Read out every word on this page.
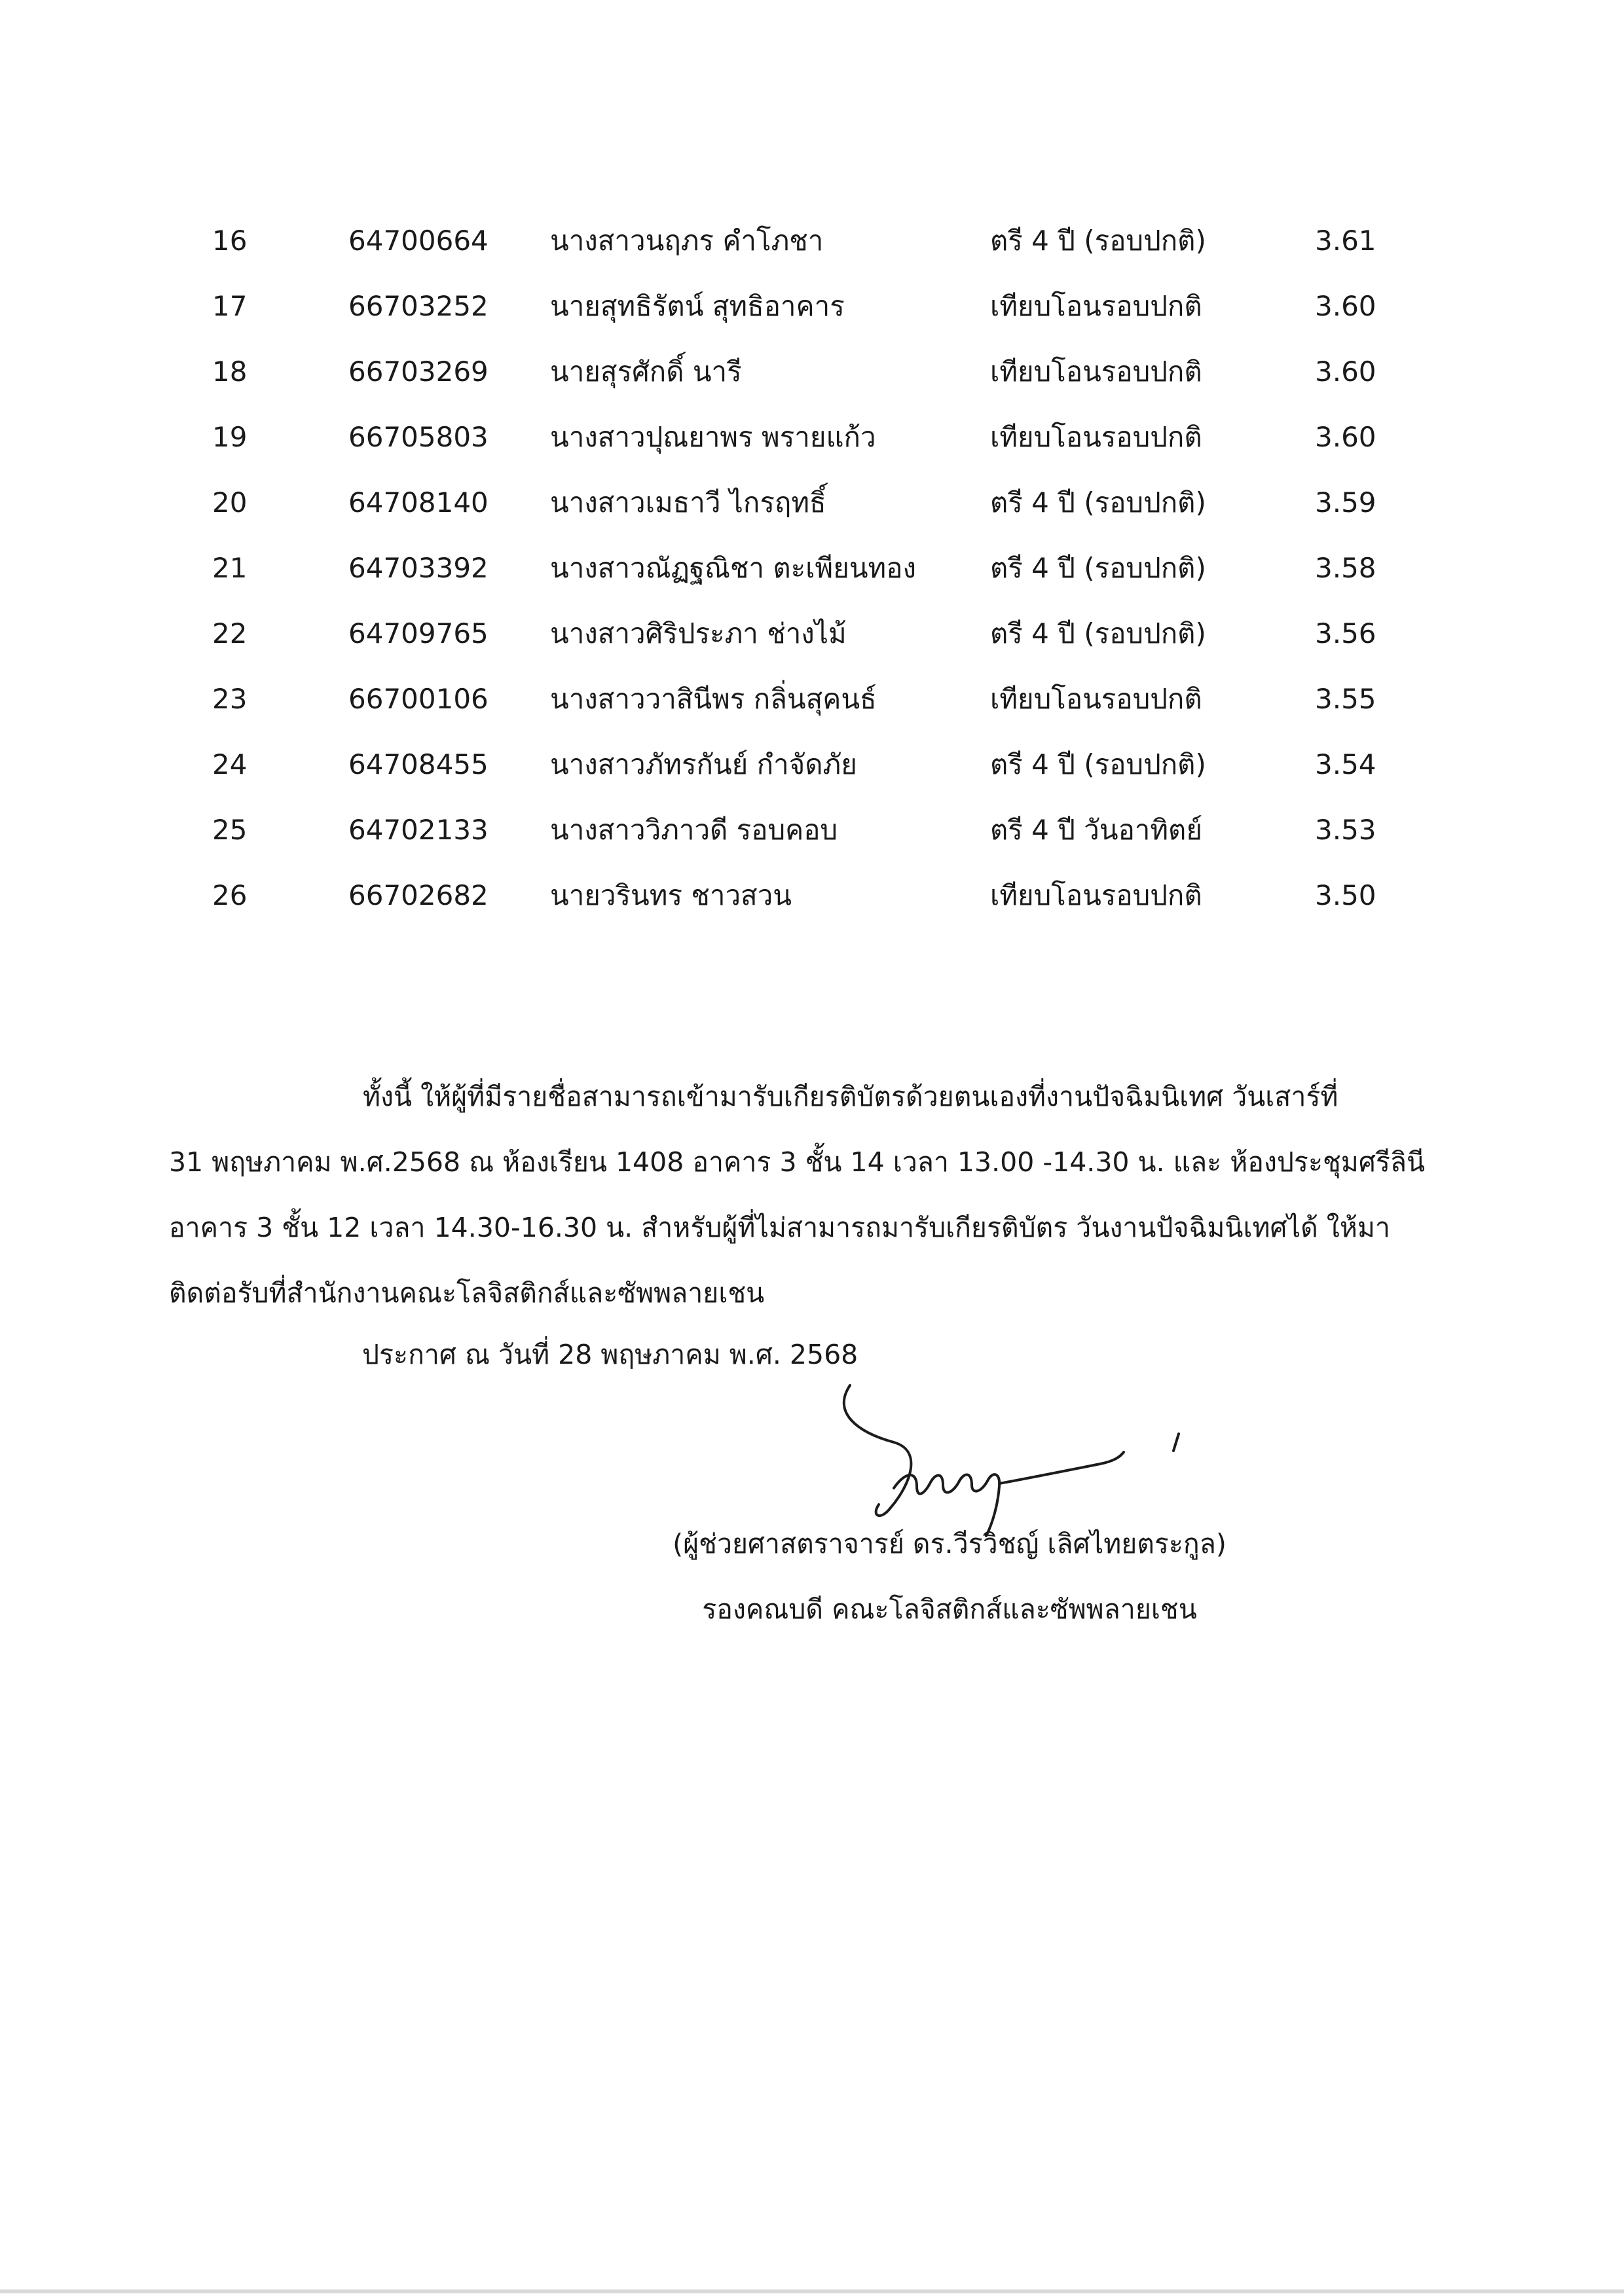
16	64700664 นางสาวนฤภร คำโภชา	ตรี 4 ปี (รอบปกติ)	3.61
17	66703252 นายสุทธิรัตน์ สุทธิอาคาร	เทียบโอนรอบปกติ	3.60
18	66703269 นายสุรศักดิ์ นารี	เทียบโอนรอบปกติ	3.60
19	66705803 นางสาวปุณยาพร พรายแก้ว	เทียบโอนรอบปกติ	3.60
20	64708140 นางสาวเมธาวี ไกรฤทธิ์	ตรี 4 ปี (รอบปกติ)	3.59
21	64703392 นางสาวณัฏฐณิชา ตะเพียนทอง	ตรี 4 ปี (รอบปกติ)	3.58
22	64709765 นางสาวศิริประภา ช่างไม้	ตรี 4 ปี (รอบปกติ)	3.56
23	66700106 นางสาววาสินีพร กลิ่นสุคนธ์	เทียบโอนรอบปกติ	3.55
24	64708455 นางสาวภัทรกันย์ กำจัดภัย	ตรี 4 ปี (รอบปกติ)	3.54
25	64702133 นางสาววิภาวดี รอบคอบ	ตรี 4 ปี วันอาทิตย์	3.53
26	66702682 นายวรินทร ชาวสวน	เทียบโอนรอบปกติ	3.50
ทั้งนี้ ให้ผู้ที่มีรายชื่อสามารถเข้ามารับเกียรติบัตรด้วยตนเองที่งานปัจฉิมนิเทศ วันเสาร์ที่
31 พฤษภาคม พ.ศ.2568 ณ ห้องเรียน 1408 อาคาร 3 ชั้น 14 เวลา 13.00 -14.30 น. และ ห้องประชุมศรีลินี
อาคาร 3 ชั้น 12 เวลา 14.30-16.30 น. สำหรับผู้ที่ไม่สามารถมารับเกียรติบัตร วันงานปัจฉิมนิเทศได้ ให้มา
ติดต่อรับที่สำนักงานคณะโลจิสติกส์และซัพพลายเชน
ประกาศ ณ วันที่ 28 พฤษภาคม พ.ศ. 2568
(ผู้ช่วยศาสตราจารย์ ดร.วีรวิชญ์ เลิศไทยตระกูล)
รองคณบดี คณะโลจิสติกส์และซัพพลายเชน
